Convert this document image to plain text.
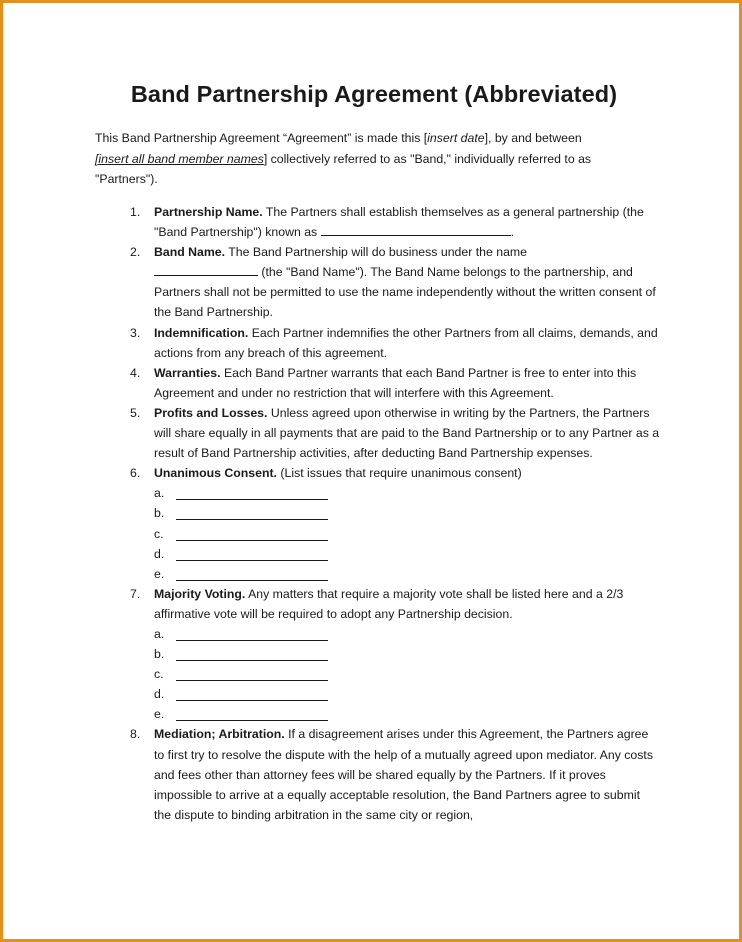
Band Partnership Agreement (Abbreviated)
This Band Partnership Agreement “Agreement” is made this [insert date], by and between
[insert all band member names] collectively referred to as "Band," individually referred to as
"Partners").
1. Partnership Name. The Partners shall establish themselves as a general partnership (the "Band Partnership") known as	.
2. Band Name. The Band Partnership will do business under the name
(the "Band Name"). The Band Name belongs to the partnership, and Partners shall not be permitted to use the name independently without the written consent of the Band Partnership.
3. Indemnification. Each Partner indemnifies the other Partners from all claims, demands, and actions from any breach of this agreement.
4. Warranties. Each Band Partner warrants that each Band Partner is free to enter into this Agreement and under no restriction that will interfere with this Agreement.
5. Profits and Losses. Unless agreed upon otherwise in writing by the Partners, the Partners will share equally in all payments that are paid to the Band Partnership or to any Partner as a result of Band Partnership activities, after deducting Band Partnership expenses.
6. Unanimous Consent. (List issues that require unanimous consent)
a.
b.
c.
d.
e.
7. Majority Voting. Any matters that require a majority vote shall be listed here and a 2/3 affirmative vote will be required to adopt any Partnership decision.
a.
b.
c.
d.
e.
8. Mediation; Arbitration. If a disagreement arises under this Agreement, the Partners agree to first try to resolve the dispute with the help of a mutually agreed upon mediator. Any costs and fees other than attorney fees will be shared equally by the Partners. If it proves impossible to arrive at a equally acceptable resolution, the Band Partners agree to submit the dispute to binding arbitration in the same city or region,
